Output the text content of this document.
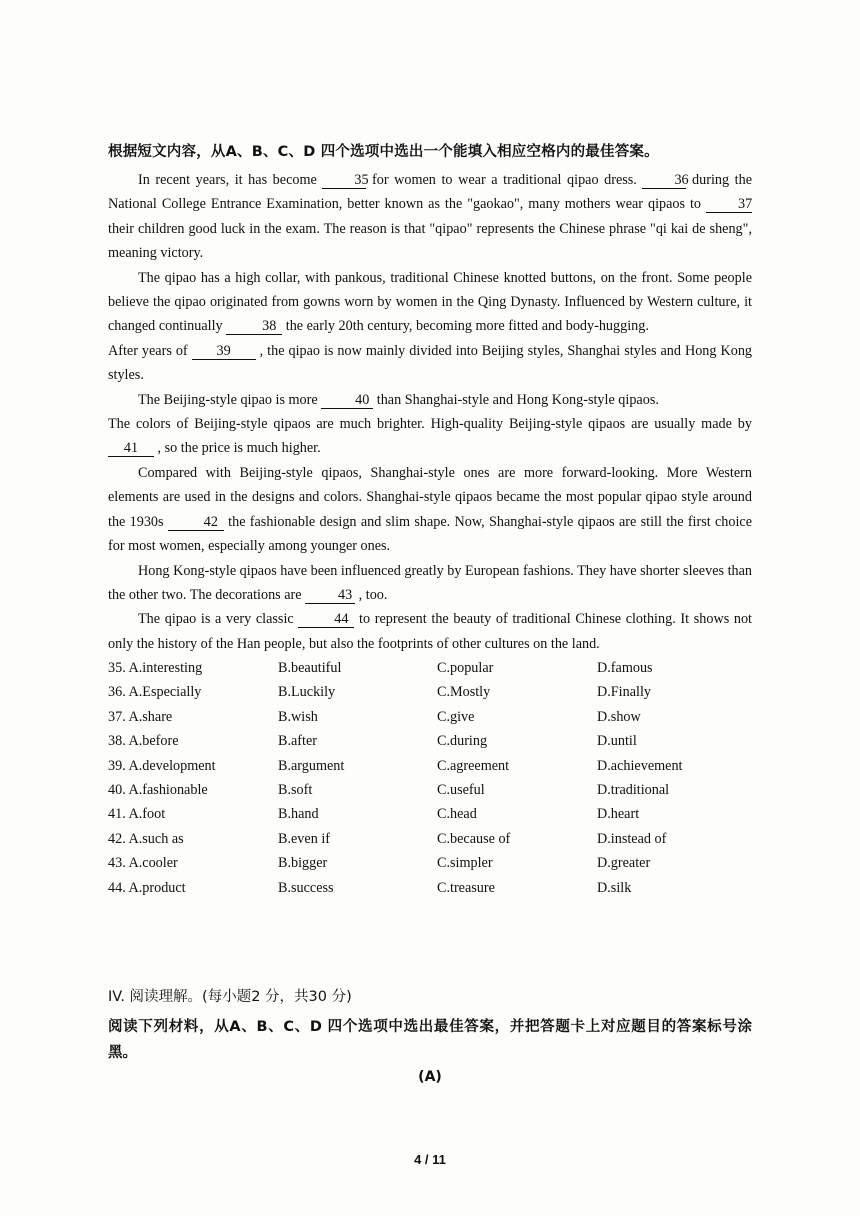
根据短文内容，从A、B、C、D 四个选项中选出一个能填入相应空格内的最佳答案。

In recent years, it has become	35 for women to wear a traditional qipao dress.	36 during the National College Entrance Examination, better known as the "gaokao", many mothers wear qipaos to	37 their children good luck in the exam. The reason is that "qipao" represents the Chinese phrase "qi kai de sheng", meaning victory.

The qipao has a high collar, with pankous, traditional Chinese knotted buttons, on the front. Some people believe the qipao originated from gowns worn by women in the Qing Dynasty. Influenced by Western culture, it changed continually	38 the early 20th century, becoming more fitted and body-hugging.

After years of 39 , the qipao is now mainly divided into Beijing styles, Shanghai styles and Hong Kong styles.

The Beijing-style qipao is more	40 than Shanghai-style and Hong Kong-style qipaos.

The colors of Beijing-style qipaos are much brighter. High-quality Beijing-style qipaos are usually made by 41 , so the price is much higher.

Compared with Beijing-style qipaos, Shanghai-style ones are more forward-looking. More Western elements are used in the designs and colors. Shanghai-style qipaos became the most popular qipao style around the 1930s	42 the fashionable design and slim shape. Now, Shanghai-style qipaos are still the first choice for most women, especially among younger ones.

Hong Kong-style qipaos have been influenced greatly by European fashions. They have shorter sleeves than the other two. The decorations are	43 , too.

The qipao is a very classic	44 to represent the beauty of traditional Chinese clothing. It shows not only the history of the Han people, but also the footprints of other cultures on the land.

35. A.interesting	B.beautiful	C.popular	D.famous
36. A.Especially	B.Luckily	C.Mostly	D.Finally
37. A.share	B.wish	C.give	D.show
38. A.before	B.after	C.during	D.until
39. A.development	B.argument	C.agreement	D.achievement
40. A.fashionable	B.soft	C.useful	D.traditional
41. A.foot	B.hand	C.head	D.heart
42. A.such as	B.even if	C.because of	D.instead of
43. A.cooler	B.bigger	C.simpler	D.greater
44. A.product	B.success	C.treasure	D.silk
IV. 阅读理解。(每小题2 分，共30 分)
阅读下列材料，从A、B、C、D 四个选项中选出最佳答案，并把答题卡上对应题目的答案标号涂黑。
(A)
4 / 11
